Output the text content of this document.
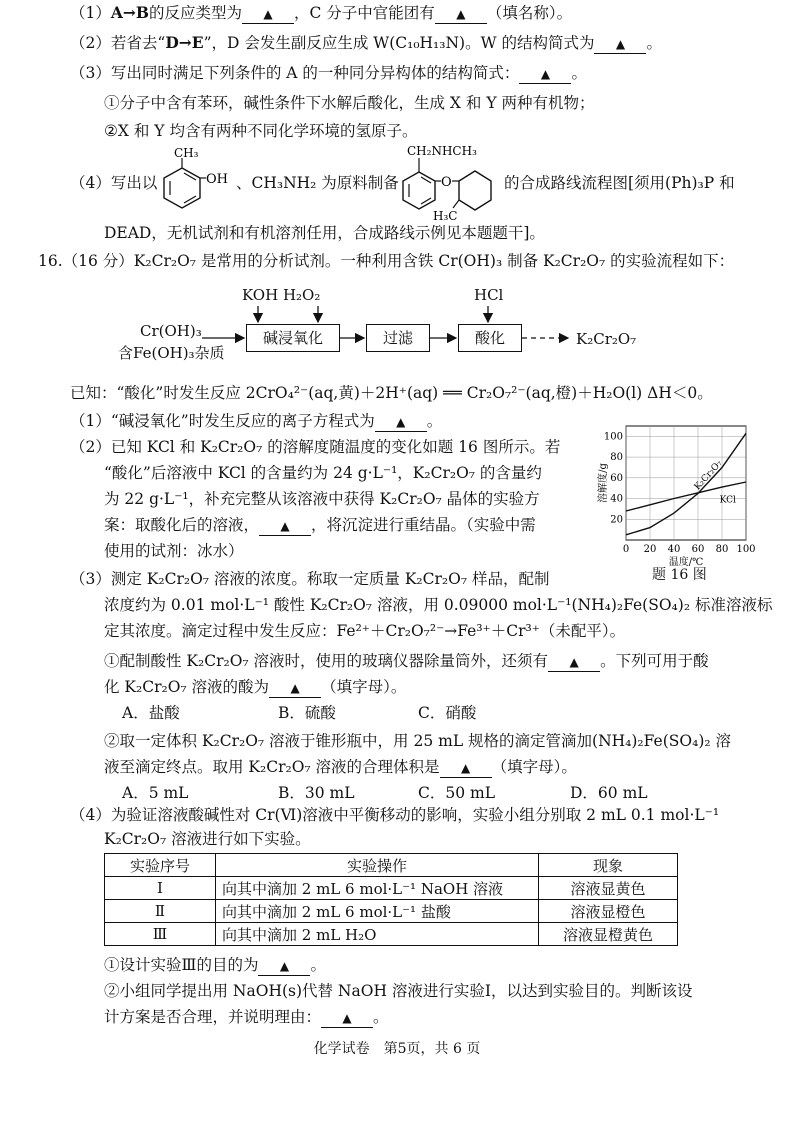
（1）A→B的反应类型为 ▲ ，C 分子中官能团有 ▲ （填名称）。
（2）若省去“D→E”，D 会发生副反应生成 W(C₁₀H₁₃N)。W 的结构简式为 ▲ 。
（3）写出同时满足下列条件的 A 的一种同分异构体的结构简式： ▲ 。
①分子中含有苯环，碱性条件下水解后酸化，生成 X 和 Y 两种有机物；
②X 和 Y 均含有两种不同化学环境的氢原子。
（4）写出以
CH₃
OH 、CH₃NH₂ 为原料制备
CH₂NHCH₃
O
H₃C
的合成路线流程图[须用(Ph)₃P 和
DEAD，无机试剂和有机溶剂任用，合成路线示例见本题题干]。
16.（16 分）K₂Cr₂O₇ 是常用的分析试剂。一种利用含铁 Cr(OH)₃ 制备 K₂Cr₂O₇ 的实验流程如下：
KOH H₂O₂	HCl
Cr(OH)₃
含Fe(OH)₃杂质
碱浸氧化	过滤	酸化	K₂Cr₂O₇
已知：“酸化”时发生反应 2CrO₄²⁻(aq,黄)＋2H⁺(aq) ══ Cr₂O₇²⁻(aq,橙)＋H₂O(l) ΔH＜0。
（1）“碱浸氧化”时发生反应的离子方程式为 ▲ 。
（2）已知 KCl 和 K₂Cr₂O₇ 的溶解度随温度的变化如题 16 图所示。若
“酸化”后溶液中 KCl 的含量约为 24 g·L⁻¹，K₂Cr₂O₇ 的含量约
为 22 g·L⁻¹，补充完整从该溶液中获得 K₂Cr₂O₇ 晶体的实验方
案：取酸化后的溶液， ▲ ，将沉淀进行重结晶。（实验中需
使用的试剂：冰水）	0 20 40 60 80 100
20
40
60
80
100
K₂Cr₂O₇
KCl
溶解度/g
温度/℃
题 16 图
（3）测定 K₂Cr₂O₇ 溶液的浓度。称取一定质量 K₂Cr₂O₇ 样品，配制
浓度约为 0.01 mol·L⁻¹ 酸性 K₂Cr₂O₇ 溶液，用 0.09000 mol·L⁻¹(NH₄)₂Fe(SO₄)₂ 标准溶液标
定其浓度。滴定过程中发生反应：Fe²⁺＋Cr₂O₇²⁻→Fe³⁺＋Cr³⁺（未配平）。
①配制酸性 K₂Cr₂O₇ 溶液时，使用的玻璃仪器除量筒外，还须有 ▲ 。下列可用于酸
化 K₂Cr₂O₇ 溶液的酸为 ▲ （填字母）。
A．盐酸	B．硫酸	C．硝酸
②取一定体积 K₂Cr₂O₇ 溶液于锥形瓶中，用 25 mL 规格的滴定管滴加(NH₄)₂Fe(SO₄)₂ 溶
液至滴定终点。取用 K₂Cr₂O₇ 溶液的合理体积是 ▲ （填字母）。
A．5 mL	B．30 mL	C．50 mL	D．60 mL
（4）为验证溶液酸碱性对 Cr(Ⅵ)溶液中平衡移动的影响，实验小组分别取 2 mL 0.1 mol·L⁻¹
K₂Cr₂O₇ 溶液进行如下实验。
实验序号	实验操作	现象
Ⅰ	向其中滴加 2 mL 6 mol·L⁻¹ NaOH 溶液	溶液显黄色
Ⅱ	向其中滴加 2 mL 6 mol·L⁻¹ 盐酸	溶液显橙色
Ⅲ	向其中滴加 2 mL H₂O	溶液显橙黄色
①设计实验Ⅲ的目的为 ▲ 。
②小组同学提出用 NaOH(s)代替 NaOH 溶液进行实验Ⅰ，以达到实验目的。判断该设
计方案是否合理，并说明理由： ▲ 。
化学试卷　第5页，共 6 页
